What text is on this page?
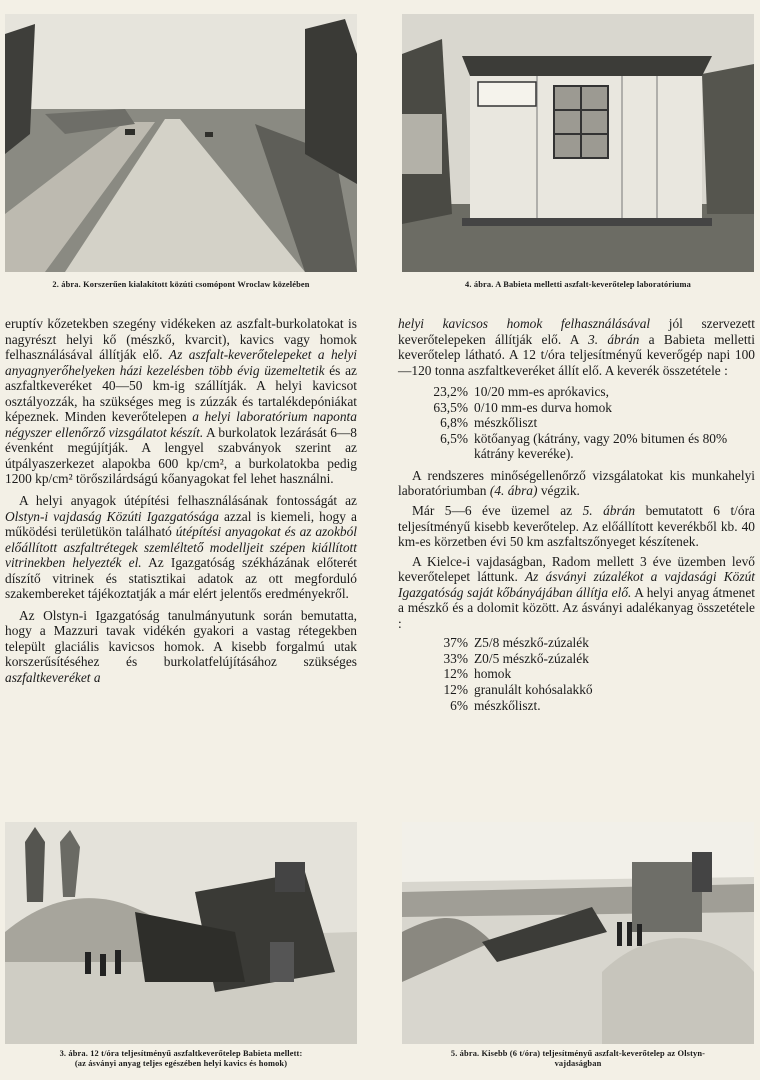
2. ábra. Korszerűen kialakított közúti csomópont Wroclaw közelében	4. ábra. A Babieta melletti aszfalt-keverőtelep laboratóriuma

eruptív kőzetekben szegény vidékeken az aszfalt-burkolatokat is nagyrészt helyi kő (mészkő, kvarcit), kavics vagy homok felhasználásával állítják elő. Az aszfalt-keverőtelepeket a helyi anyagnyerőhelyeken házi kezelésben több évig üzemeltetik és az aszfaltkeveréket 40—50 km-ig szállítják. A helyi kavicsot osztályozzák, ha szükséges meg is zúzzák és tartalékdepóniákat képeznek. Minden keverőtelepen a helyi laboratórium naponta négyszer ellenőrző vizsgálatot készít. A burkolatok lezárását 6—8 évenként megújítják. A lengyel szabványok szerint az útpályaszerkezet alapokba 600 kp/cm², a burkolatokba pedig 1200 kp/cm² törőszilárdságú kőanyagokat fel lehet használni.

A helyi anyagok útépítési felhasználásának fontosságát az Olstyn-i vajdaság Közúti Igazgatósága azzal is kiemeli, hogy a működési területükön található útépítési anyagokat és az azokból előállított aszfaltrétegek szemléltető modelljeit szépen kiállított vitrinekben helyezték el. Az Igazgatóság székházának előterét díszítő vitrinek és statisztikai adatok az ott megforduló szakembereket tájékoztatják a már elért jelentős eredményekről.

Az Olstyn-i Igazgatóság tanulmányutunk során bemutatta, hogy a Mazzuri tavak vidékén gyakori a vastag rétegekben települt glaciális kavicsos homok. A kisebb forgalmú utak korszerűsítéséhez és burkolatfelújításához szükséges aszfaltkeveréket a

helyi kavicsos homok felhasználásával jól szervezett keverőtelepeken állítják elő. A 3. ábrán a Babieta melletti keverőtelep látható. A 12 t/óra teljesítményű keverőgép napi 100—120 tonna aszfaltkeveréket állít elő. A keverék összetétele :

23,2% 10/20 mm-es aprókavics,
63,5% 0/10 mm-es durva homok
6,8% mészkőliszt
6,5% kötőanyag (kátrány, vagy 20% bitumen és 80% kátrány keveréke).

A rendszeres minőségellenőrző vizsgálatokat kis munkahelyi laboratóriumban (4. ábra) végzik.

Már 5—6 éve üzemel az 5. ábrán bemutatott 6 t/óra teljesítményű kisebb keverőtelep. Az előállított keverékből kb. 40 km-es körzetben évi 50 km aszfaltszőnyeget készítenek.

A Kielce-i vajdaságban, Radom mellett 3 éve üzemben levő keverőtelepet láttunk. Az ásványi zúzalékot a vajdasági Közút Igazgatóság saját kőbányájában állítja elő. A helyi anyag átmenet a mészkő és a dolomit között. Az ásványi adalékanyag összetétele :

37% Z5/8 mészkő-zúzalék
33% Z0/5 mészkő-zúzalék
12% homok
12% granulált kohósalakkő
6% mészkőliszt.
3. ábra. 12 t/óra teljesítményű aszfaltkeverőtelep Babieta mellett:
(az ásványi anyag teljes egészében helyi kavics és homok)
5. ábra. Kisebb (6 t/óra) teljesítményű aszfalt-keverőtelep az Olstyn-
vajdaságban
